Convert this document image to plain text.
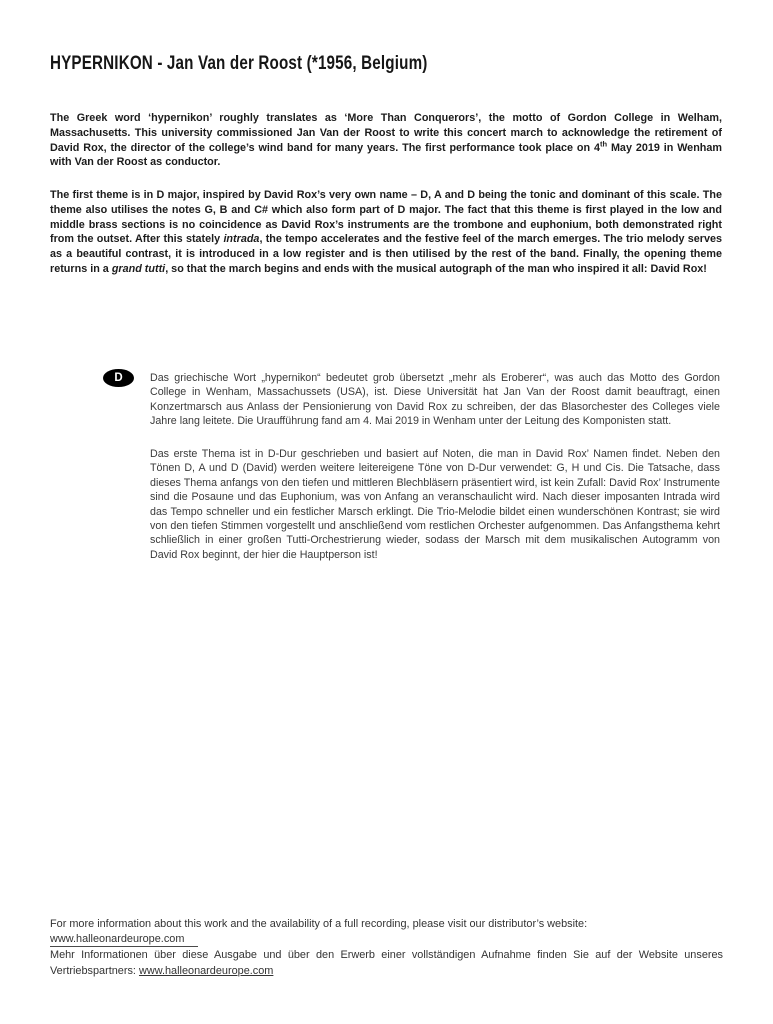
HYPERNIKON - Jan Van der Roost (*1956, Belgium)

The Greek word ‘hypernikon’ roughly translates as ‘More Than Conquerors’, the motto of Gordon College in Welham, Massachusetts. This university commissioned Jan Van der Roost to write this concert march to acknowledge the retirement of David Rox, the director of the college’s wind band for many years. The first performance took place on 4th May 2019 in Wenham with Van der Roost as conductor.

The first theme is in D major, inspired by David Rox’s very own name – D, A and D being the tonic and dominant of this scale. The theme also utilises the notes G, B and C# which also form part of D major. The fact that this theme is first played in the low and middle brass sections is no coincidence as David Rox’s instruments are the trombone and euphonium, both demonstrated right from the outset. After this stately intrada, the tempo accelerates and the festive feel of the march emerges. The trio melody serves as a beautiful contrast, it is introduced in a low register and is then utilised by the rest of the band. Finally, the opening theme returns in a grand tutti, so that the march begins and ends with the musical autograph of the man who inspired it all: David Rox!

D	Das griechische Wort „hypernikon“ bedeutet grob übersetzt „mehr als Eroberer“, was auch das Motto des Gordon College in Wenham, Massachussets (USA), ist. Diese Universität hat Jan Van der Roost damit beauftragt, einen Konzertmarsch aus Anlass der Pensionierung von David Rox zu schreiben, der das Blasorchester des Colleges viele Jahre lang leitete. Die Uraufführung fand am 4. Mai 2019 in Wenham unter der Leitung des Komponisten statt.

Das erste Thema ist in D-Dur geschrieben und basiert auf Noten, die man in David Rox’ Namen findet. Neben den Tönen D, A und D (David) werden weitere leitereigene Töne von D-Dur verwendet: G, H und Cis. Die Tatsache, dass dieses Thema anfangs von den tiefen und mittleren Blechbläsern präsentiert wird, ist kein Zufall: David Rox’ Instrumente sind die Posaune und das Euphonium, was von Anfang an veranschaulicht wird. Nach dieser imposanten Intrada wird das Tempo schneller und ein festlicher Marsch erklingt. Die Trio-Melodie bildet einen wunderschönen Kontrast; sie wird von den tiefen Stimmen vorgestellt und anschließend vom restlichen Orchester aufgenommen. Das Anfangsthema kehrt schließlich in einer großen Tutti-Orchestrierung wieder, sodass der Marsch mit dem musikalischen Autogramm von David Rox beginnt, der hier die Hauptperson ist!

For more information about this work and the availability of a full recording, please visit our distributor’s website:
www.halleonardeurope.com

Mehr Informationen über diese Ausgabe und über den Erwerb einer vollständigen Aufnahme finden Sie auf der Website unseres Vertriebspartners: www.halleonardeurope.com
